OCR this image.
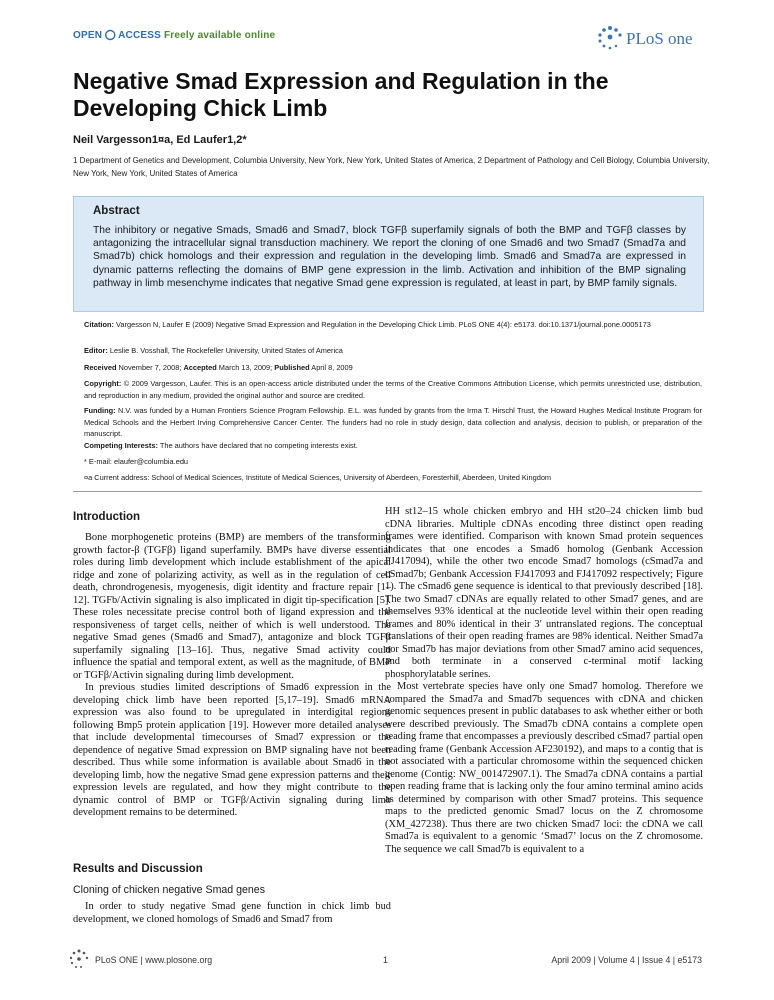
OPEN ⭕︎ ACCESS Freely available online	PLoS one
Negative Smad Expression and Regulation in the Developing Chick Limb
Neil Vargesson1¤a, Ed Laufer1,2*
1 Department of Genetics and Development, Columbia University, New York, New York, United States of America, 2 Department of Pathology and Cell Biology, Columbia University, New York, New York, United States of America
Abstract

The inhibitory or negative Smads, Smad6 and Smad7, block TGFβ superfamily signals of both the BMP and TGFβ classes by antagonizing the intracellular signal transduction machinery. We report the cloning of one Smad6 and two Smad7 (Smad7a and Smad7b) chick homologs and their expression and regulation in the developing limb. Smad6 and Smad7a are expressed in dynamic patterns reflecting the domains of BMP gene expression in the limb. Activation and inhibition of the BMP signaling pathway in limb mesenchyme indicates that negative Smad gene expression is regulated, at least in part, by BMP family signals.

Citation: Vargesson N, Laufer E (2009) Negative Smad Expression and Regulation in the Developing Chick Limb. PLoS ONE 4(4): e5173. doi:10.1371/journal.pone.0005173

Editor: Leslie B. Vosshall, The Rockefeller University, United States of America

Received November 7, 2008; Accepted March 13, 2009; Published April 8, 2009

Copyright: © 2009 Vargesson, Laufer. This is an open-access article distributed under the terms of the Creative Commons Attribution License, which permits unrestricted use, distribution, and reproduction in any medium, provided the original author and source are credited.

Funding: N.V. was funded by a Human Frontiers Science Program Fellowship. E.L. was funded by grants from the Irma T. Hirschl Trust, the Howard Hughes Medical Institute Program for Medical Schools and the Herbert Irving Comprehensive Cancer Center. The funders had no role in study design, data collection and analysis, decision to publish, or preparation of the manuscript.

Competing Interests: The authors have declared that no competing interests exist.

* E-mail: elaufer@columbia.edu

¤a Current address: School of Medical Sciences, Institute of Medical Sciences, University of Aberdeen, Foresterhill, Aberdeen, United Kingdom

Introduction

Bone morphogenetic proteins (BMP) are members of the transforming growth factor-β (TGFβ) ligand superfamily. BMPs have diverse essential roles during limb development which include establishment of the apical ridge and zone of polarizing activity, as well as in the regulation of cell death, chrondrogenesis, myogenesis, digit identity and fracture repair [1–12]. TGFb/Activin signaling is also implicated in digit tip-specification [5]. These roles necessitate precise control both of ligand expression and the responsiveness of target cells, neither of which is well understood. The negative Smad genes (Smad6 and Smad7), antagonize and block TGFβ superfamily signaling [13–16]. Thus, negative Smad activity could influence the spatial and temporal extent, as well as the magnitude, of BMP or TGFβ/Activin signaling during limb development.

In previous studies limited descriptions of Smad6 expression in the developing chick limb have been reported [5,17–19]. Smad6 mRNA expression was also found to be upregulated in interdigital regions following Bmp5 protein application [19]. However more detailed analyses that include developmental timecourses of Smad7 expression or the dependence of negative Smad expression on BMP signaling have not been described. Thus while some information is available about Smad6 in the developing limb, how the negative Smad gene expression patterns and their expression levels are regulated, and how they might contribute to the dynamic control of BMP or TGFβ/Activin signaling during limb development remains to be determined.

Results and Discussion
Cloning of chicken negative Smad genes

In order to study negative Smad gene function in chick limb bud development, we cloned homologs of Smad6 and Smad7 from

HH st12–15 whole chicken embryo and HH st20–24 chicken limb bud cDNA libraries. Multiple cDNAs encoding three distinct open reading frames were identified. Comparison with known Smad protein sequences indicates that one encodes a Smad6 homolog (Genbank Accession FJ417094), while the other two encode Smad7 homologs (cSmad7a and cSmad7b; Genbank Accession FJ417093 and FJ417092 respectively; Figure 1). The cSmad6 gene sequence is identical to that previously described [18]. The two Smad7 cDNAs are equally related to other Smad7 genes, and are themselves 93% identical at the nucleotide level within their open reading frames and 80% identical in their 3′ untranslated regions. The conceptual translations of their open reading frames are 98% identical. Neither Smad7a nor Smad7b has major deviations from other Smad7 amino acid sequences, and both terminate in a conserved c-terminal motif lacking phosphorylatable serines.

Most vertebrate species have only one Smad7 homolog. Therefore we compared the Smad7a and Smad7b sequences with cDNA and chicken genomic sequences present in public databases to ask whether either or both were described previously. The Smad7b cDNA contains a complete open reading frame that encompasses a previously described cSmad7 partial open reading frame (Genbank Accession AF230192), and maps to a contig that is not associated with a particular chromosome within the sequenced chicken genome (Contig: NW_001472907.1). The Smad7a cDNA contains a partial open reading frame that is lacking only the four amino terminal amino acids as determined by comparison with other Smad7 proteins. This sequence maps to the predicted genomic Smad7 locus on the Z chromosome (XM_427238). Thus there are two chicken Smad7 loci: the cDNA we call Smad7a is equivalent to a genomic ‘Smad7’ locus on the Z chromosome. The sequence we call Smad7b is equivalent to a

PLoS ONE | www.plosone.org	1	April 2009 | Volume 4 | Issue 4 | e5173
